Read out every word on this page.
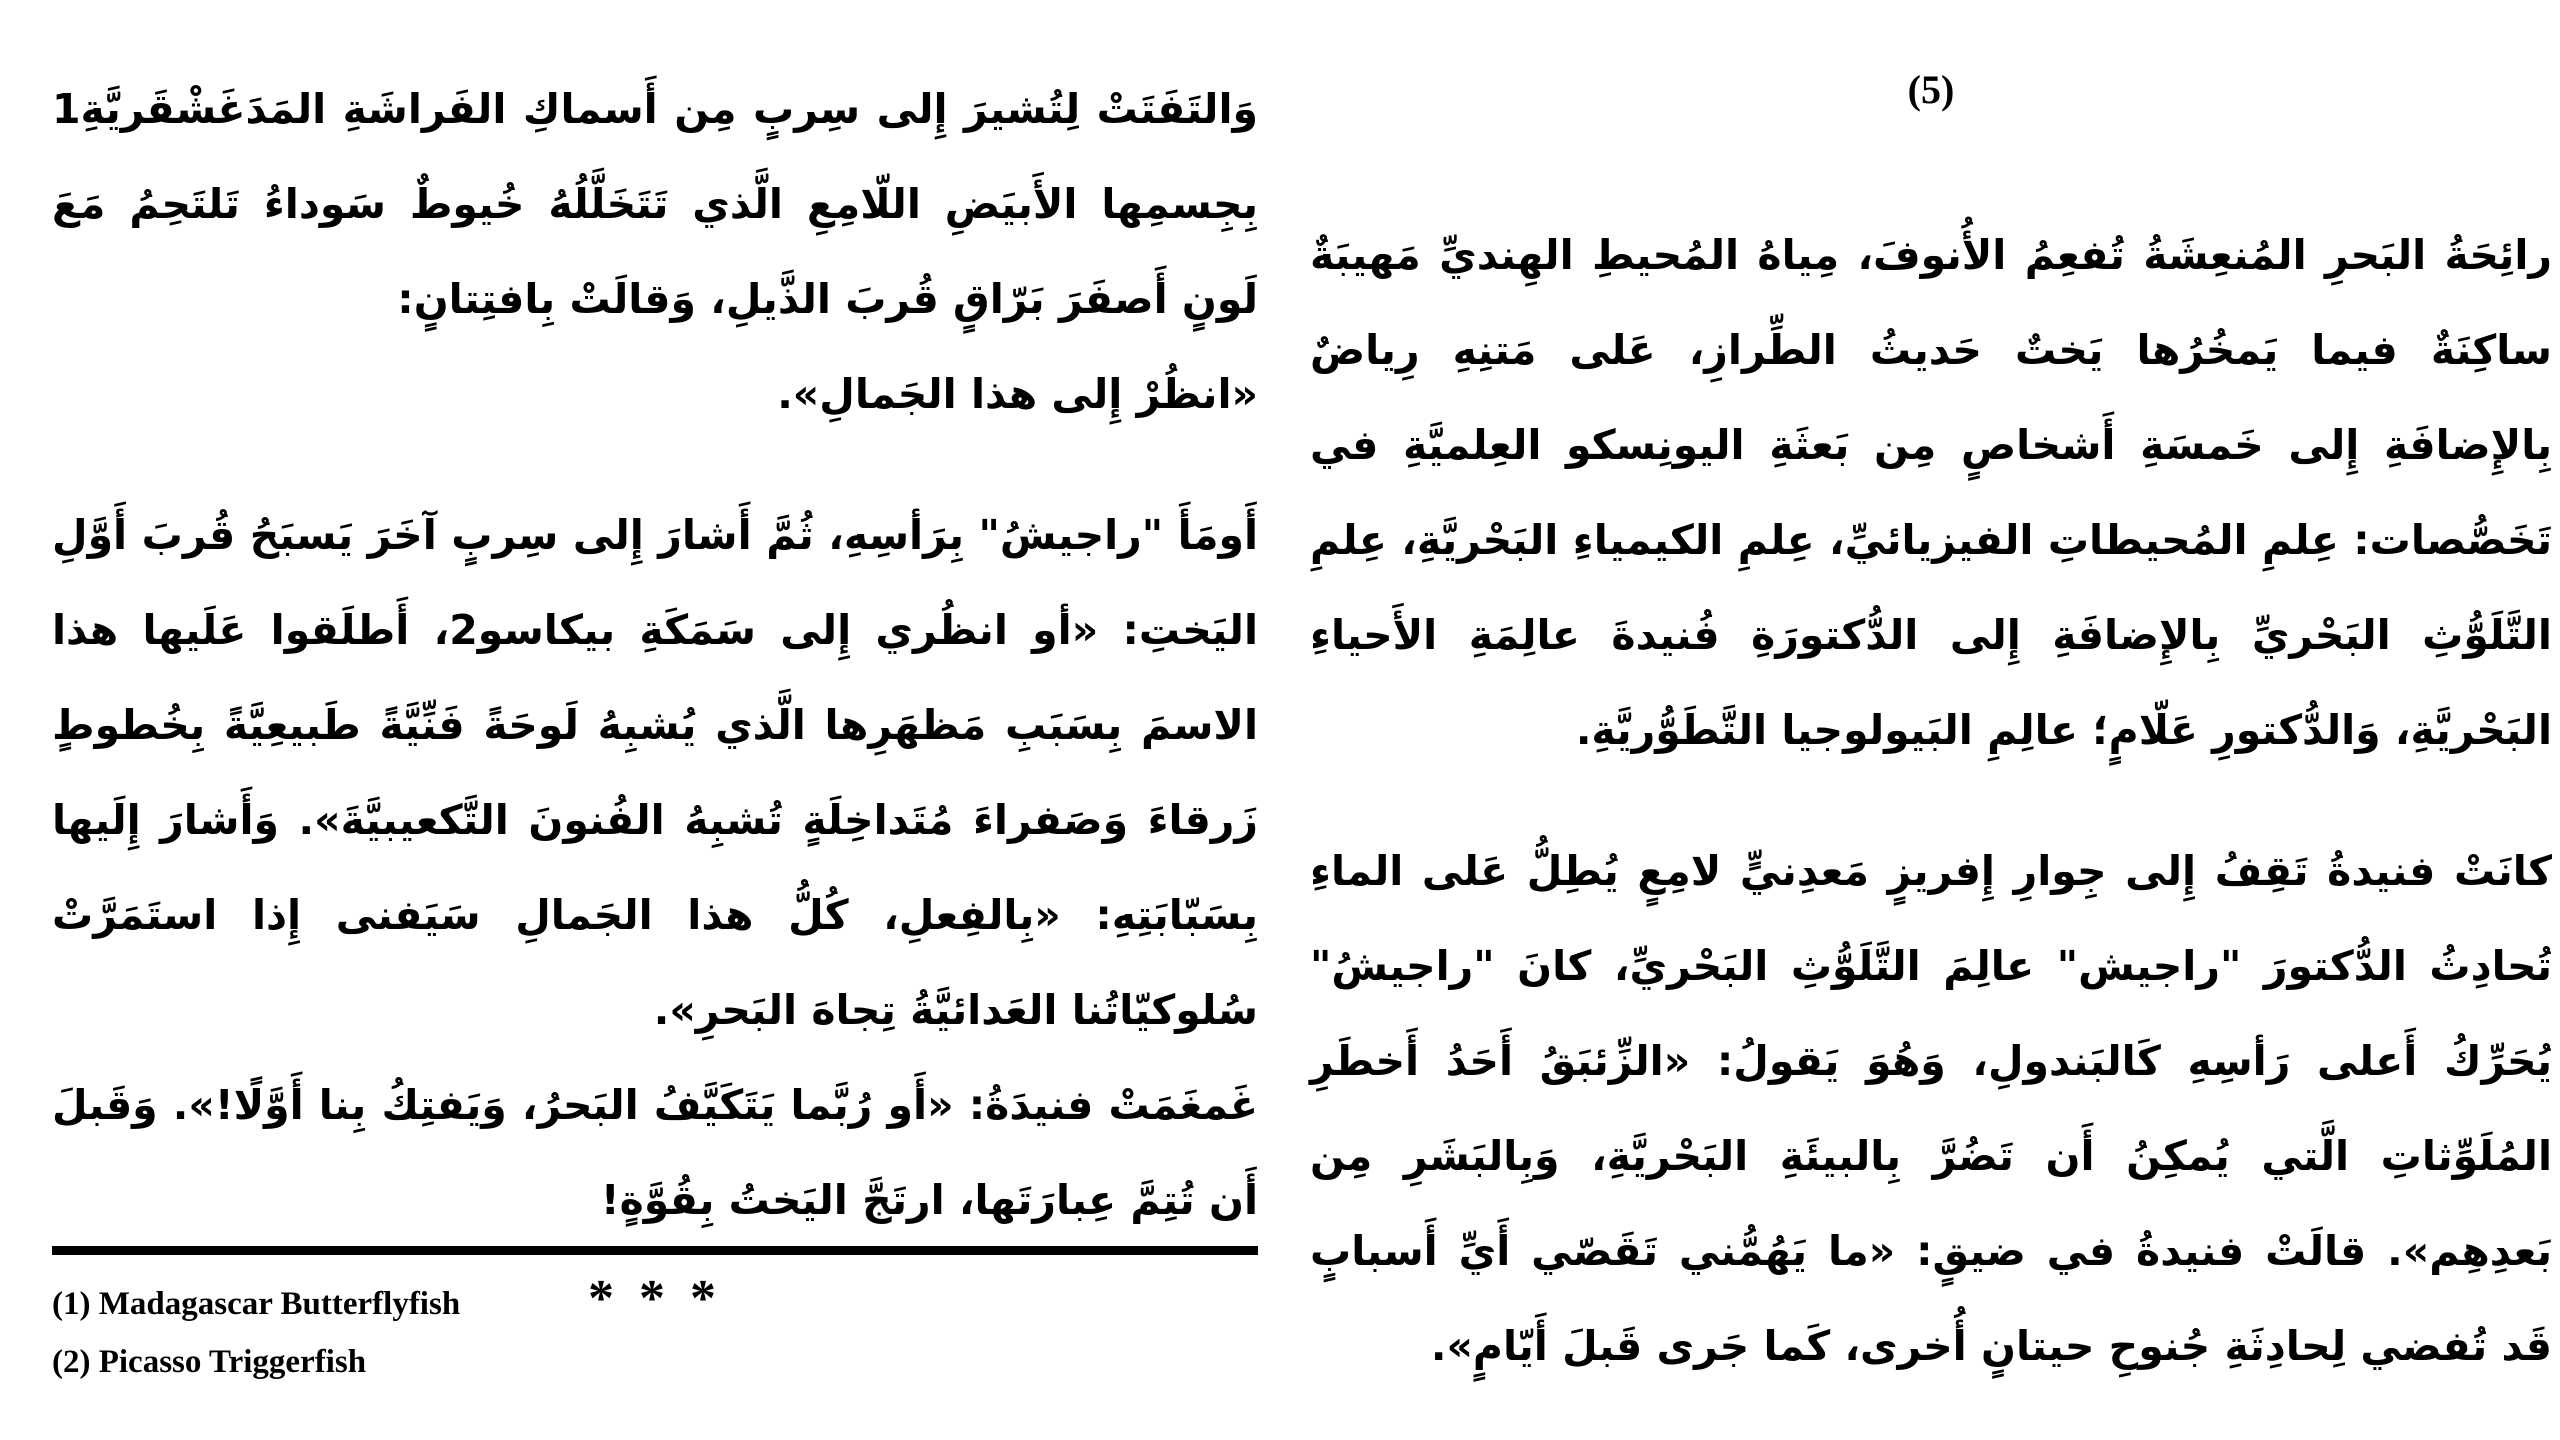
(5)

رائِحَةُ البَحرِ المُنعِشَةُ تُفعِمُ الأُنوفَ، مِياهُ المُحيطِ الهِنديِّ مَهيبَةٌ ساكِنَةٌ فيما يَمخُرُها يَختٌ حَديثُ الطِّرازِ، عَلى مَتنِهِ رِياضٌ بِالإِضافَةِ إِلى خَمسَةِ أَشخاصٍ مِن بَعثَةِ اليونِسكو العِلميَّةِ في تَخَصُّصات: عِلمِ المُحيطاتِ الفيزيائيِّ، عِلمِ الكيمياءِ البَحْريَّةِ، عِلمِ التَّلَوُّثِ البَحْريِّ بِالإِضافَةِ إِلى الدُّكتورَةِ فُنيدةَ عالِمَةِ الأَحياءِ البَحْريَّةِ، وَالدُّكتورِ عَلّامٍ؛ عالِمِ البَيولوجيا التَّطَوُّريَّةِ.

كانَتْ فنيدةُ تَقِفُ إِلى جِوارِ إِفريزٍ مَعدِنيٍّ لامِعٍ يُطِلُّ عَلى الماءِ تُحادِثُ الدُّكتورَ "راجيش" عالِمَ التَّلَوُّثِ البَحْريِّ، كانَ "راجيشُ" يُحَرِّكُ أَعلى رَأسِهِ كَالبَندولِ، وَهُوَ يَقولُ: «الزِّئبَقُ أَحَدُ أَخطَرِ المُلَوِّثاتِ الَّتي يُمكِنُ أَن تَضُرَّ بِالبيئَةِ البَحْريَّةِ، وَبِالبَشَرِ مِن بَعدِهِم». قالَتْ فنيدةُ في ضيقٍ: «ما يَهُمُّني تَقَصّي أَيِّ أَسبابٍ قَد تُفضي لِحادِثَةِ جُنوحِ حيتانٍ أُخرى، كَما جَرى قَبلَ أَيّامٍ».

وَالتَفَتَتْ لِتُشيرَ إِلى سِربٍ مِن أَسماكِ الفَراشَةِ المَدَغَشْقَريَّةِ1 بِجِسمِها الأَبيَضِ اللّامِعِ الَّذي تَتَخَلَّلُهُ خُيوطٌ سَوداءُ تَلتَحِمُ مَعَ لَونٍ أَصفَرَ بَرّاقٍ قُربَ الذَّيلِ، وَقالَتْ بِافتِتانٍ:

«انظُرْ إِلى هذا الجَمالِ».

أَومَأَ "راجيشُ" بِرَأسِهِ، ثُمَّ أَشارَ إِلى سِربٍ آخَرَ يَسبَحُ قُربَ أَوَّلِ اليَختِ: «أو انظُري إِلى سَمَكَةِ بيكاسو2، أَطلَقوا عَلَيها هذا الاسمَ بِسَبَبِ مَظهَرِها الَّذي يُشبِهُ لَوحَةً فَنِّيَّةً طَبيعِيَّةً بِخُطوطٍ زَرقاءَ وَصَفراءَ مُتَداخِلَةٍ تُشبِهُ الفُنونَ التَّكعيبيَّةَ». وَأَشارَ إِلَيها بِسَبّابَتِهِ: «بِالفِعلِ، كُلُّ هذا الجَمالِ سَيَفنى إِذا استَمَرَّتْ سُلوكيّاتُنا العَدائيَّةُ تِجاهَ البَحرِ».

غَمغَمَتْ فنيدَةُ: «أَو رُبَّما يَتَكَيَّفُ البَحرُ، وَيَفتِكُ بِنا أَوَّلًا!». وَقَبلَ أَن تُتِمَّ عِبارَتَها، ارتَجَّ اليَختُ بِقُوَّةٍ!

* * *
(1) Madagascar Butterflyfish
(2) Picasso Triggerfish
